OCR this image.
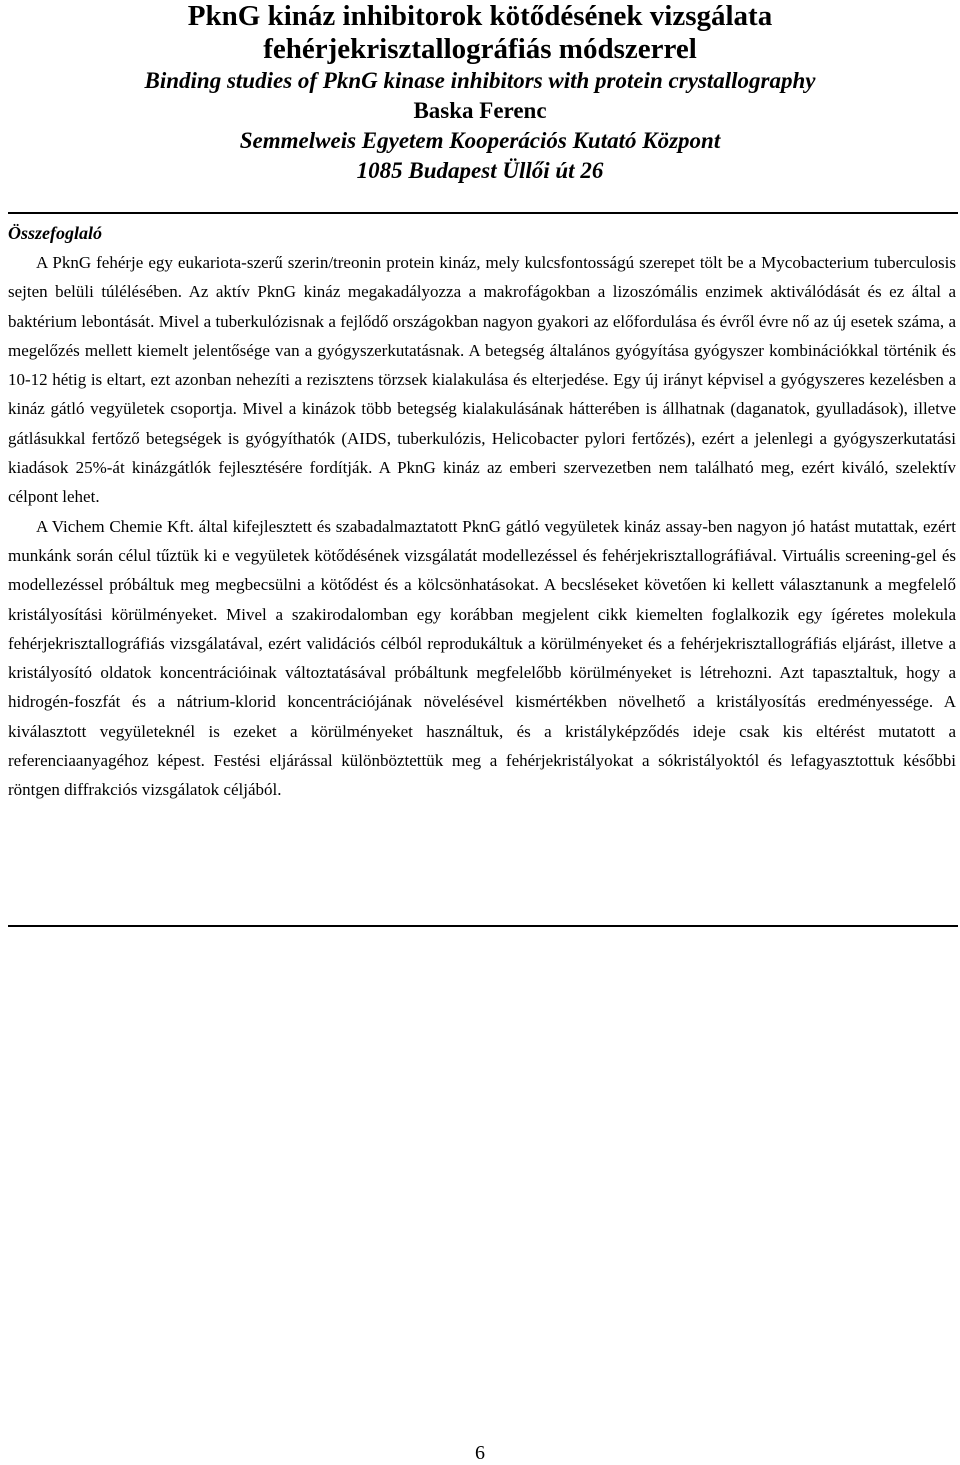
PknG kináz inhibitorok kötődésének vizsgálata
fehérjekrisztallográfiás módszerrel
Binding studies of PknG kinase inhibitors with protein crystallography
Baska Ferenc
Semmelweis Egyetem Kooperációs Kutató Központ
1085 Budapest Üllői út 26
Összefoglaló

A PknG fehérje egy eukariota-szerű szerin/treonin protein kináz, mely kulcsfontosságú szerepet tölt be a Mycobacterium tuberculosis sejten belüli túlélésében. Az aktív PknG kináz megakadályozza a makrofágokban a lizoszómális enzimek aktiválódását és ez által a baktérium lebontását. Mivel a tuberkulózisnak a fejlődő országokban nagyon gyakori az előfordulása és évről évre nő az új esetek száma, a megelőzés mellett kiemelt jelentősége van a gyógyszerkutatásnak. A betegség általános gyógyítása gyógyszer kombinációkkal történik és 10-12 hétig is eltart, ezt azonban nehezíti a rezisztens törzsek kialakulása és elterjedése. Egy új irányt képvisel a gyógyszeres kezelésben a kináz gátló vegyületek csoportja. Mivel a kinázok több betegség kialakulásának hátterében is állhatnak (daganatok, gyulladások), illetve gátlásukkal fertőző betegségek is gyógyíthatók (AIDS, tuberkulózis, Helicobacter pylori fertőzés), ezért a jelenlegi a gyógyszerkutatási kiadások 25%-át kinázgátlók fejlesztésére fordítják. A PknG kináz az emberi szervezetben nem található meg, ezért kiváló, szelektív célpont lehet.

A Vichem Chemie Kft. által kifejlesztett és szabadalmaztatott PknG gátló vegyületek kináz assay-ben nagyon jó hatást mutattak, ezért munkánk során célul tűztük ki e vegyületek kötődésének vizsgálatát modellezéssel és fehérjekrisztallográfiával. Virtuális screening-gel és modellezéssel próbáltuk meg megbecsülni a kötődést és a kölcsönhatásokat. A becsléseket követően ki kellett választanunk a megfelelő kristályosítási körülményeket. Mivel a szakirodalomban egy korábban megjelent cikk kiemelten foglalkozik egy ígéretes molekula fehérjekrisztallográfiás vizsgálatával, ezért validációs célból reprodukáltuk a körülményeket és a fehérjekrisztallográfiás eljárást, illetve a kristályosító oldatok koncentrációinak változtatásával próbáltunk megfelelőbb körülményeket is létrehozni. Azt tapasztaltuk, hogy a hidrogén-foszfát és a nátrium-klorid koncentrációjának növelésével kismértékben növelhető a kristályosítás eredményessége. A kiválasztott vegyületeknél is ezeket a körülményeket használtuk, és a kristályképződés ideje csak kis eltérést mutatott a referenciaanyagéhoz képest. Festési eljárással különböztettük meg a fehérjekristályokat a sókristályoktól és lefagyasztottuk későbbi röntgen diffrakciós vizsgálatok céljából.

6
